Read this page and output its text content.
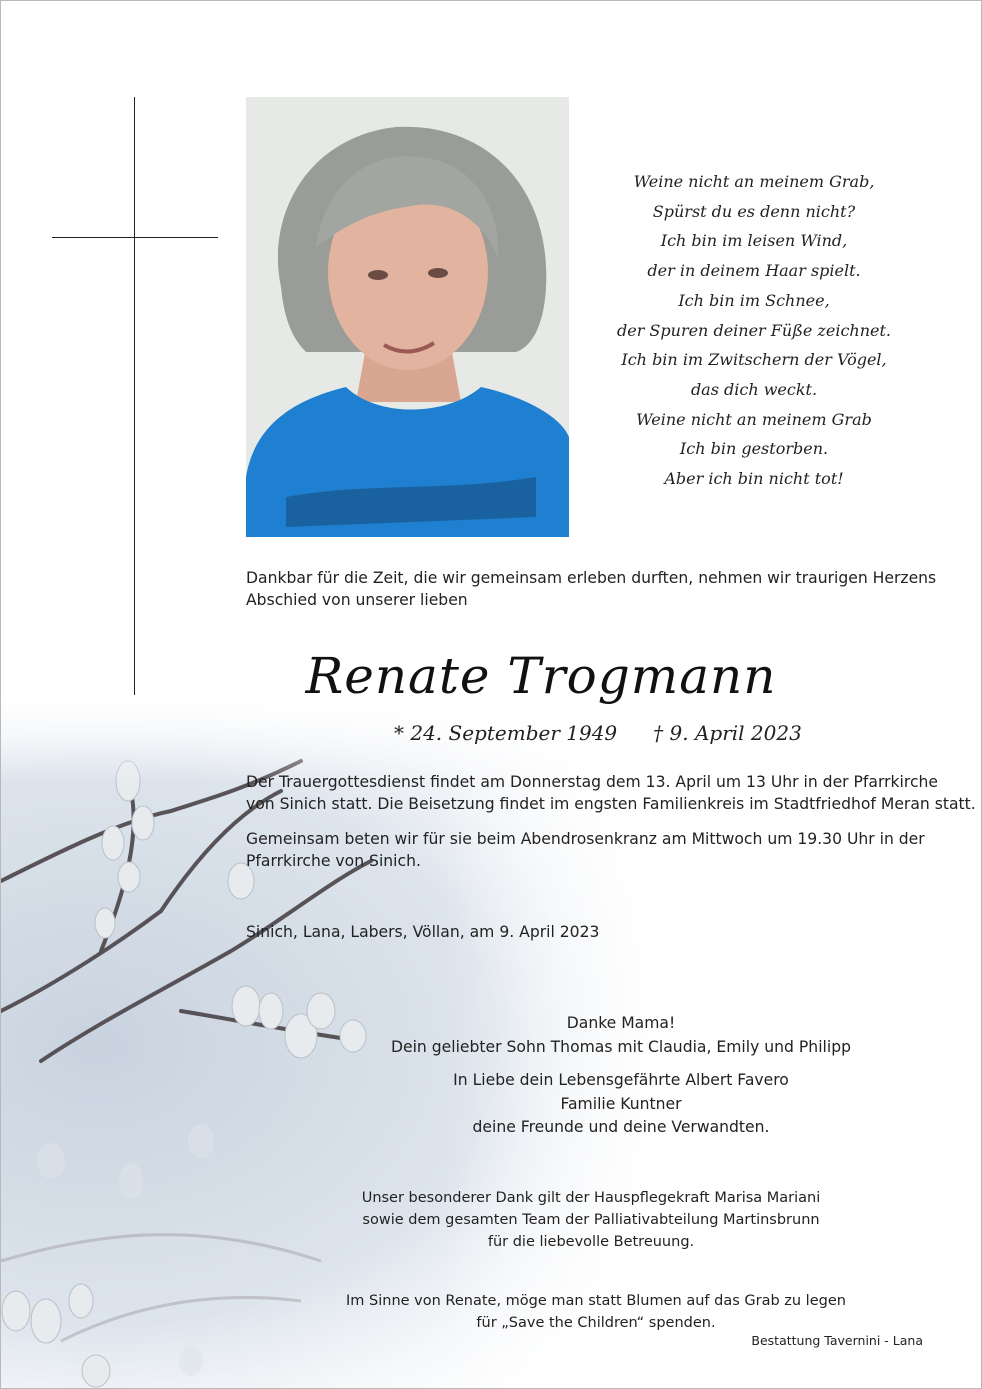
Weine nicht an meinem Grab,
Spürst du es denn nicht?
Ich bin im leisen Wind,
der in deinem Haar spielt.
Ich bin im Schnee,
der Spuren deiner Füße zeichnet.
Ich bin im Zwitschern der Vögel,
das dich weckt.
Weine nicht an meinem Grab
Ich bin gestorben.
Aber ich bin nicht tot!
Dankbar für die Zeit, die wir gemeinsam erleben durften, nehmen wir traurigen Herzens
Abschied von unserer lieben
Renate Trogmann
* 24. September 1949 † 9. April 2023
Der Trauergottesdienst findet am Donnerstag dem 13. April um 13 Uhr in der Pfarrkirche
von Sinich statt. Die Beisetzung findet im engsten Familienkreis im Stadtfriedhof Meran statt.
Gemeinsam beten wir für sie beim Abendrosenkranz am Mittwoch um 19.30 Uhr in der
Pfarrkirche von Sinich.
Sinich, Lana, Labers, Völlan, am 9. April 2023
Danke Mama!
Dein geliebter Sohn Thomas mit Claudia, Emily und Philipp
In Liebe dein Lebensgefährte Albert Favero
Familie Kuntner
deine Freunde und deine Verwandten.
Unser besonderer Dank gilt der Hauspflegekraft Marisa Mariani
sowie dem gesamten Team der Palliativabteilung Martinsbrunn
für die liebevolle Betreuung.
Im Sinne von Renate, möge man statt Blumen auf das Grab zu legen
für „Save the Children“ spenden.
Bestattung Tavernini - Lana
